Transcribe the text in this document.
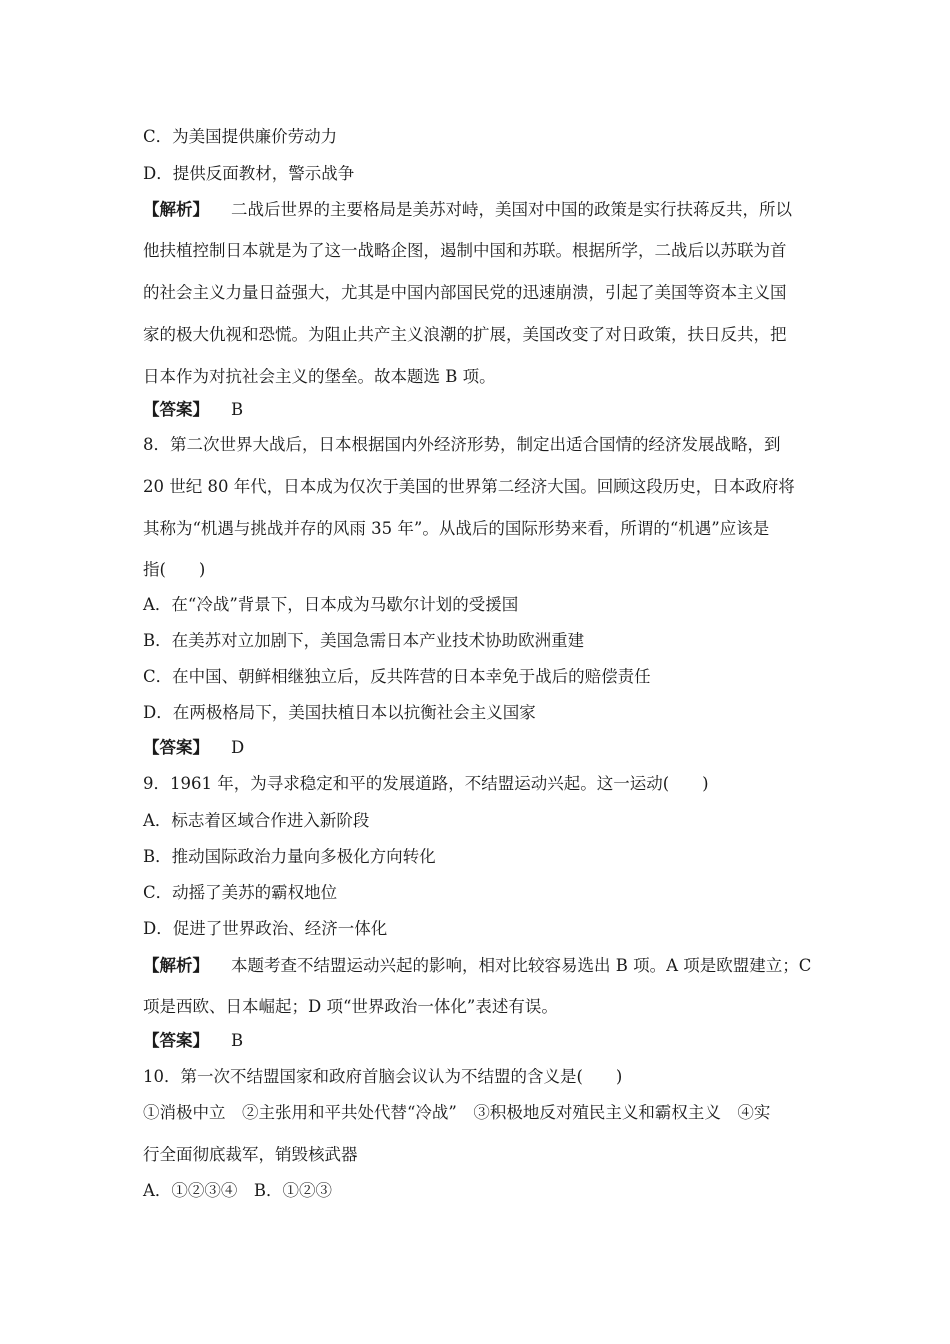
C．为美国提供廉价劳动力
D．提供反面教材，警示战争
【解析】 二战后世界的主要格局是美苏对峙，美国对中国的政策是实行扶蒋反共，所以
他扶植控制日本就是为了这一战略企图，遏制中国和苏联。根据所学，二战后以苏联为首
的社会主义力量日益强大，尤其是中国内部国民党的迅速崩溃，引起了美国等资本主义国
家的极大仇视和恐慌。为阻止共产主义浪潮的扩展，美国改变了对日政策，扶日反共，把
日本作为对抗社会主义的堡垒。故本题选 B 项。
【答案】 B
8．第二次世界大战后，日本根据国内外经济形势，制定出适合国情的经济发展战略，到
20 世纪 80 年代，日本成为仅次于美国的世界第二经济大国。回顾这段历史，日本政府将
其称为“机遇与挑战并存的风雨 35 年”。从战后的国际形势来看，所谓的“机遇”应该是
指(　　)
A．在“冷战”背景下，日本成为马歇尔计划的受援国
B．在美苏对立加剧下，美国急需日本产业技术协助欧洲重建
C．在中国、朝鲜相继独立后，反共阵营的日本幸免于战后的赔偿责任
D．在两极格局下，美国扶植日本以抗衡社会主义国家
【答案】 D
9．1961 年，为寻求稳定和平的发展道路，不结盟运动兴起。这一运动(　　)
A．标志着区域合作进入新阶段
B．推动国际政治力量向多极化方向转化
C．动摇了美苏的霸权地位
D．促进了世界政治、经济一体化
【解析】 本题考查不结盟运动兴起的影响，相对比较容易选出 B 项。A 项是欧盟建立；C
项是西欧、日本崛起；D 项“世界政治一体化”表述有误。
【答案】 B
10．第一次不结盟国家和政府首脑会议认为不结盟的含义是(　　)
①消极中立　②主张用和平共处代替“冷战”　③积极地反对殖民主义和霸权主义　④实
行全面彻底裁军，销毁核武器
A．①②③④　B．①②③
